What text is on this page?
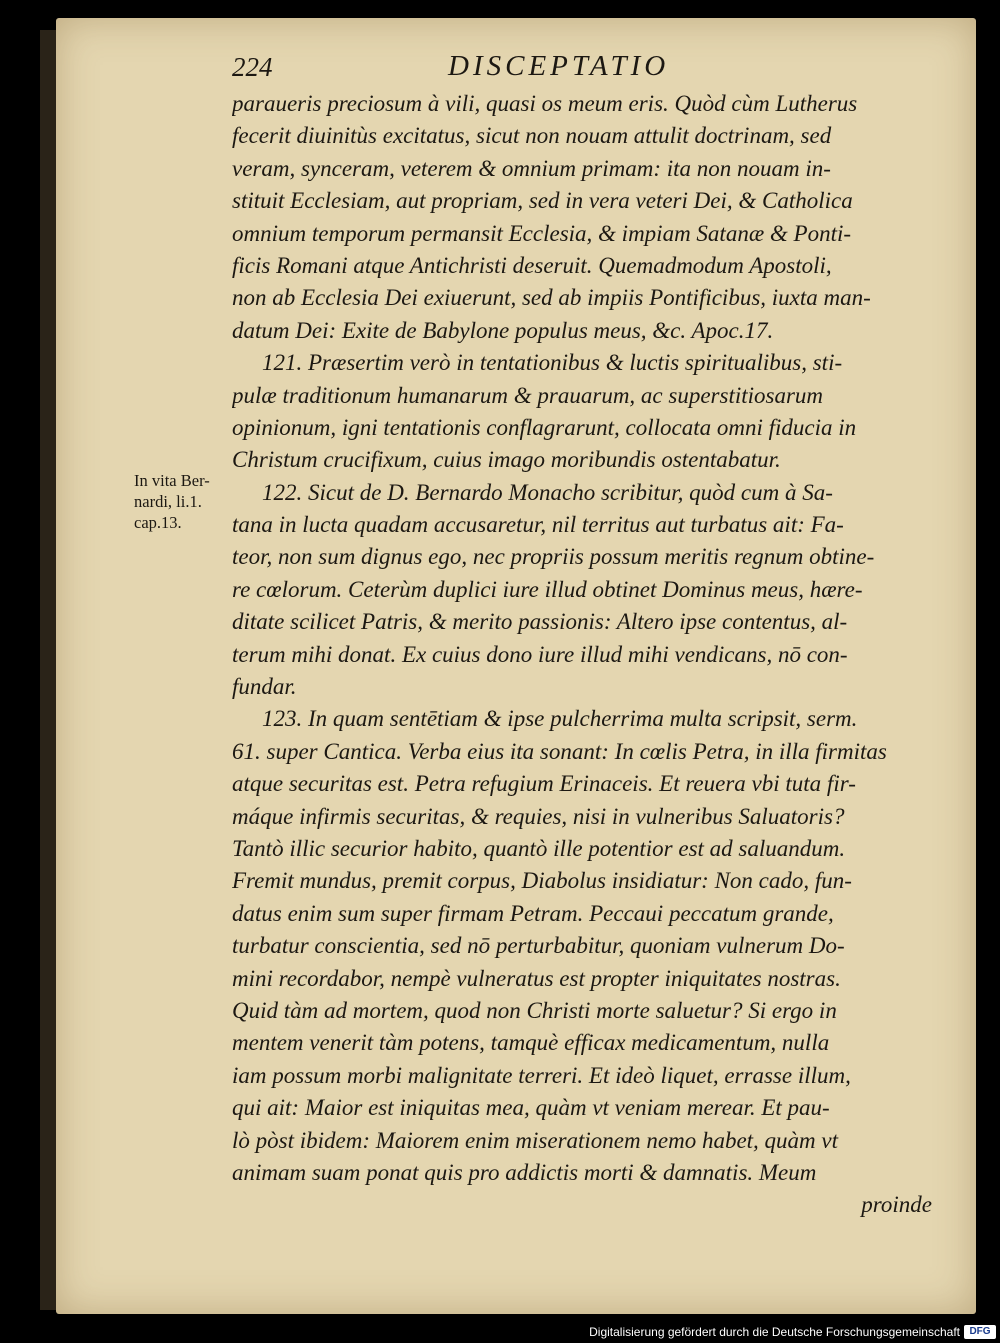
224	DISCEPTATIO
In vita Ber-
nardi, li.1.
cap.13.
paraueris preciosum à vili, quasi os meum eris. Quòd cùm Lutherus
fecerit diuinitùs excitatus, sicut non nouam attulit doctrinam, sed
veram, synceram, veterem & omnium primam: ita non nouam in-
stituit Ecclesiam, aut propriam, sed in vera veteri Dei, & Catholica
omnium temporum permansit Ecclesia, & impiam Satanæ & Ponti-
ficis Romani atque Antichristi deseruit. Quemadmodum Apostoli,
non ab Ecclesia Dei exiuerunt, sed ab impiis Pontificibus, iuxta man-
datum Dei: Exite de Babylone populus meus, &c. Apoc.17.
121. Præsertim verò in tentationibus & luctis spiritualibus, sti-
pulæ traditionum humanarum & prauarum, ac superstitiosarum
opinionum, igni tentationis conflagrarunt, collocata omni fiducia in
Christum crucifixum, cuius imago moribundis ostentabatur.
122. Sicut de D. Bernardo Monacho scribitur, quòd cum à Sa-
tana in lucta quadam accusaretur, nil territus aut turbatus ait: Fa-
teor, non sum dignus ego, nec propriis possum meritis regnum obtine-
re cœlorum. Ceterùm duplici iure illud obtinet Dominus meus, hære-
ditate scilicet Patris, & merito passionis: Altero ipse contentus, al-
terum mihi donat. Ex cuius dono iure illud mihi vendicans, nō con-
fundar.
123. In quam sentētiam & ipse pulcherrima multa scripsit, serm.
61. super Cantica. Verba eius ita sonant: In cœlis Petra, in illa firmitas
atque securitas est. Petra refugium Erinaceis. Et reuera vbi tuta fir-
máque infirmis securitas, & requies, nisi in vulneribus Saluatoris?
Tantò illic securior habito, quantò ille potentior est ad saluandum.
Fremit mundus, premit corpus, Diabolus insidiatur: Non cado, fun-
datus enim sum super firmam Petram. Peccaui peccatum grande,
turbatur conscientia, sed nō perturbabitur, quoniam vulnerum Do-
mini recordabor, nempè vulneratus est propter iniquitates nostras.
Quid tàm ad mortem, quod non Christi morte saluetur? Si ergo in
mentem venerit tàm potens, tamquè efficax medicamentum, nulla
iam possum morbi malignitate terreri. Et ideò liquet, errasse illum,
qui ait: Maior est iniquitas mea, quàm vt veniam merear. Et pau-
lò pòst ibidem: Maiorem enim miserationem nemo habet, quàm vt
animam suam ponat quis pro addictis morti & damnatis. Meum
proinde
Digitalisierung gefördert durch die Deutsche Forschungsgemeinschaft DFG
